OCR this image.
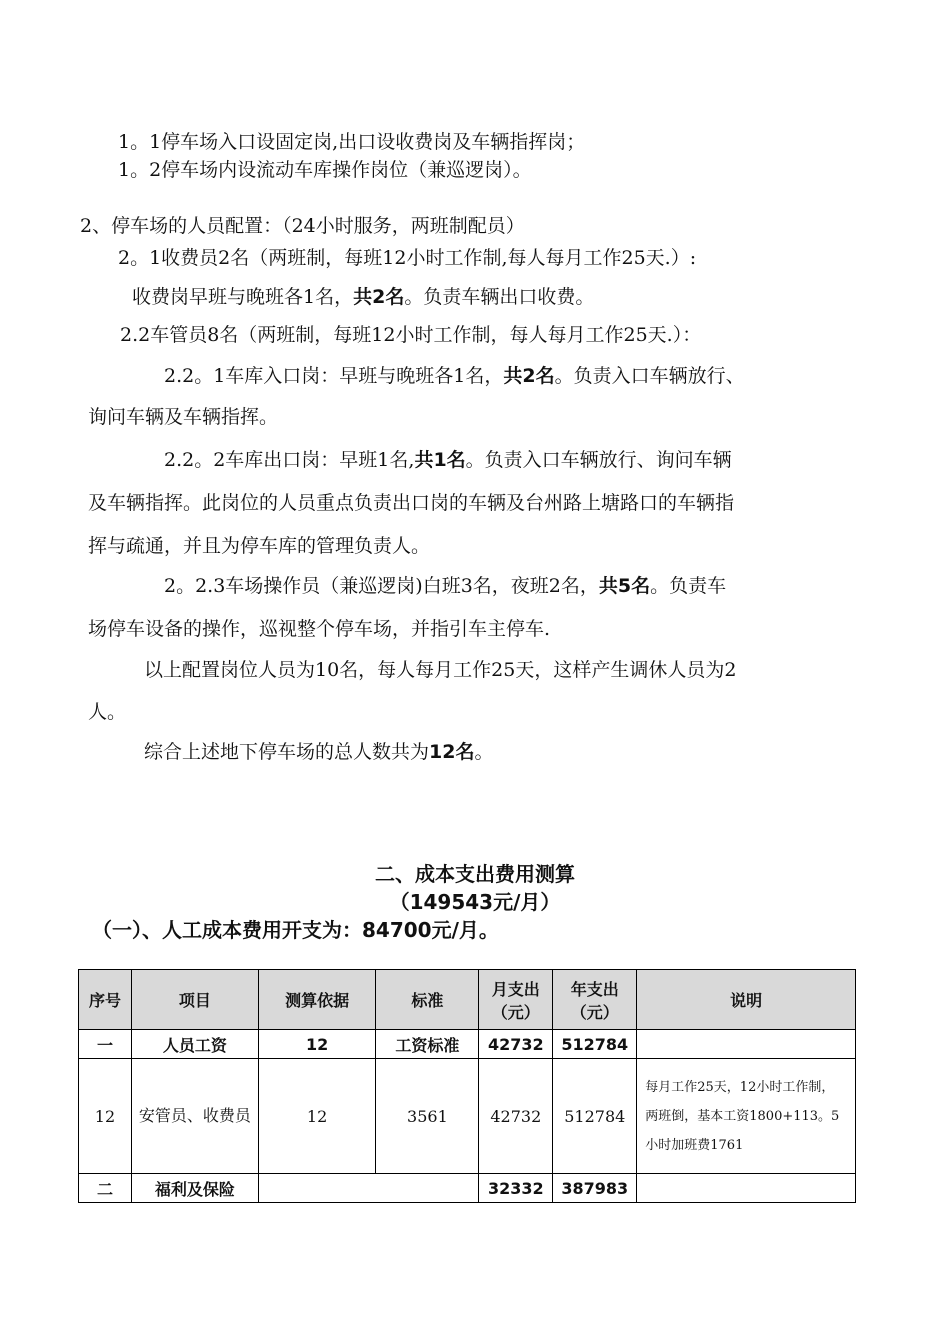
1。1停车场入口设固定岗,出口设收费岗及车辆指挥岗；
1。2停车场内设流动车库操作岗位（兼巡逻岗）。
2、停车场的人员配置：（24小时服务，两班制配员）
2。1收费员2名（两班制，每班12小时工作制,每人每月工作25天.）:
收费岗早班与晚班各1名，共2名。负责车辆出口收费。
2.2车管员8名（两班制，每班12小时工作制，每人每月工作25天.）：
2.2。1车库入口岗：早班与晚班各1名，共2名。负责入口车辆放行、
询问车辆及车辆指挥。
2.2。2车库出口岗：早班1名,共1名。负责入口车辆放行、询问车辆
及车辆指挥。此岗位的人员重点负责出口岗的车辆及台州路上塘路口的车辆指
挥与疏通，并且为停车库的管理负责人。
2。2.3车场操作员（兼巡逻岗)白班3名，夜班2名，共5名。负责车
场停车设备的操作，巡视整个停车场，并指引车主停车.
以上配置岗位人员为10名，每人每月工作25天，这样产生调休人员为2
人。
综合上述地下停车场的总人数共为12名。
二、成本支出费用测算
（149543元/月）
（一）、人工成本费用开支为：84700元/月。
序号	项目	测算依据	标准	月支出（元）	年支出（元）	说明
一	人员工资	12	工资标准	42732	512784	
12	安管员、收费员	12	3561	42732	512784	每月工作25天，12小时工作制，两班倒，基本工资1800+113。5小时加班费1761
二	福利及保险			32332	387983	
